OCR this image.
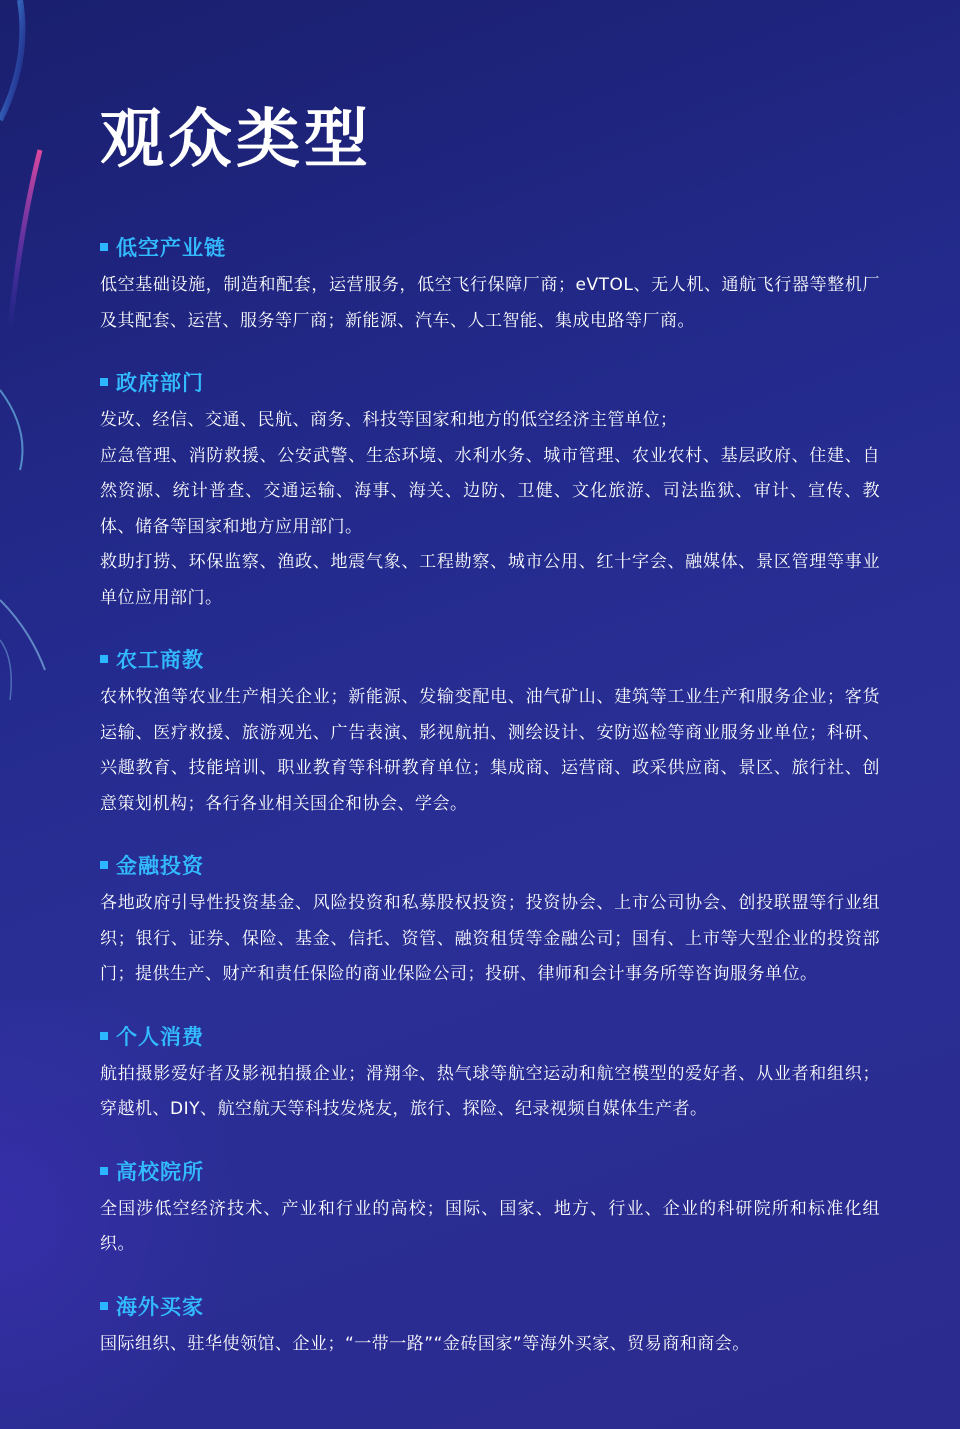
观众类型
低空产业链

低空基础设施，制造和配套，运营服务，低空飞行保障厂商；eVTOL、无人机、通航飞行器等整机厂及其配套、运营、服务等厂商；新能源、汽车、人工智能、集成电路等厂商。

政府部门

发改、经信、交通、民航、商务、科技等国家和地方的低空经济主管单位；

应急管理、消防救援、公安武警、生态环境、水利水务、城市管理、农业农村、基层政府、住建、自然资源、统计普查、交通运输、海事、海关、边防、卫健、文化旅游、司法监狱、审计、宣传、教体、储备等国家和地方应用部门。

救助打捞、环保监察、渔政、地震气象、工程勘察、城市公用、红十字会、融媒体、景区管理等事业单位应用部门。

农工商教

农林牧渔等农业生产相关企业；新能源、发输变配电、油气矿山、建筑等工业生产和服务企业；客货运输、医疗救援、旅游观光、广告表演、影视航拍、测绘设计、安防巡检等商业服务业单位；科研、兴趣教育、技能培训、职业教育等科研教育单位；集成商、运营商、政采供应商、景区、旅行社、创意策划机构；各行各业相关国企和协会、学会。

金融投资

各地政府引导性投资基金、风险投资和私募股权投资；投资协会、上市公司协会、创投联盟等行业组织；银行、证券、保险、基金、信托、资管、融资租赁等金融公司；国有、上市等大型企业的投资部门；提供生产、财产和责任保险的商业保险公司；投研、律师和会计事务所等咨询服务单位。

个人消费

航拍摄影爱好者及影视拍摄企业；滑翔伞、热气球等航空运动和航空模型的爱好者、从业者和组织；穿越机、DIY、航空航天等科技发烧友，旅行、探险、纪录视频自媒体生产者。

高校院所

全国涉低空经济技术、产业和行业的高校；国际、国家、地方、行业、企业的科研院所和标准化组织。

海外买家

国际组织、驻华使领馆、企业；“一带一路”“金砖国家”等海外买家、贸易商和商会。
